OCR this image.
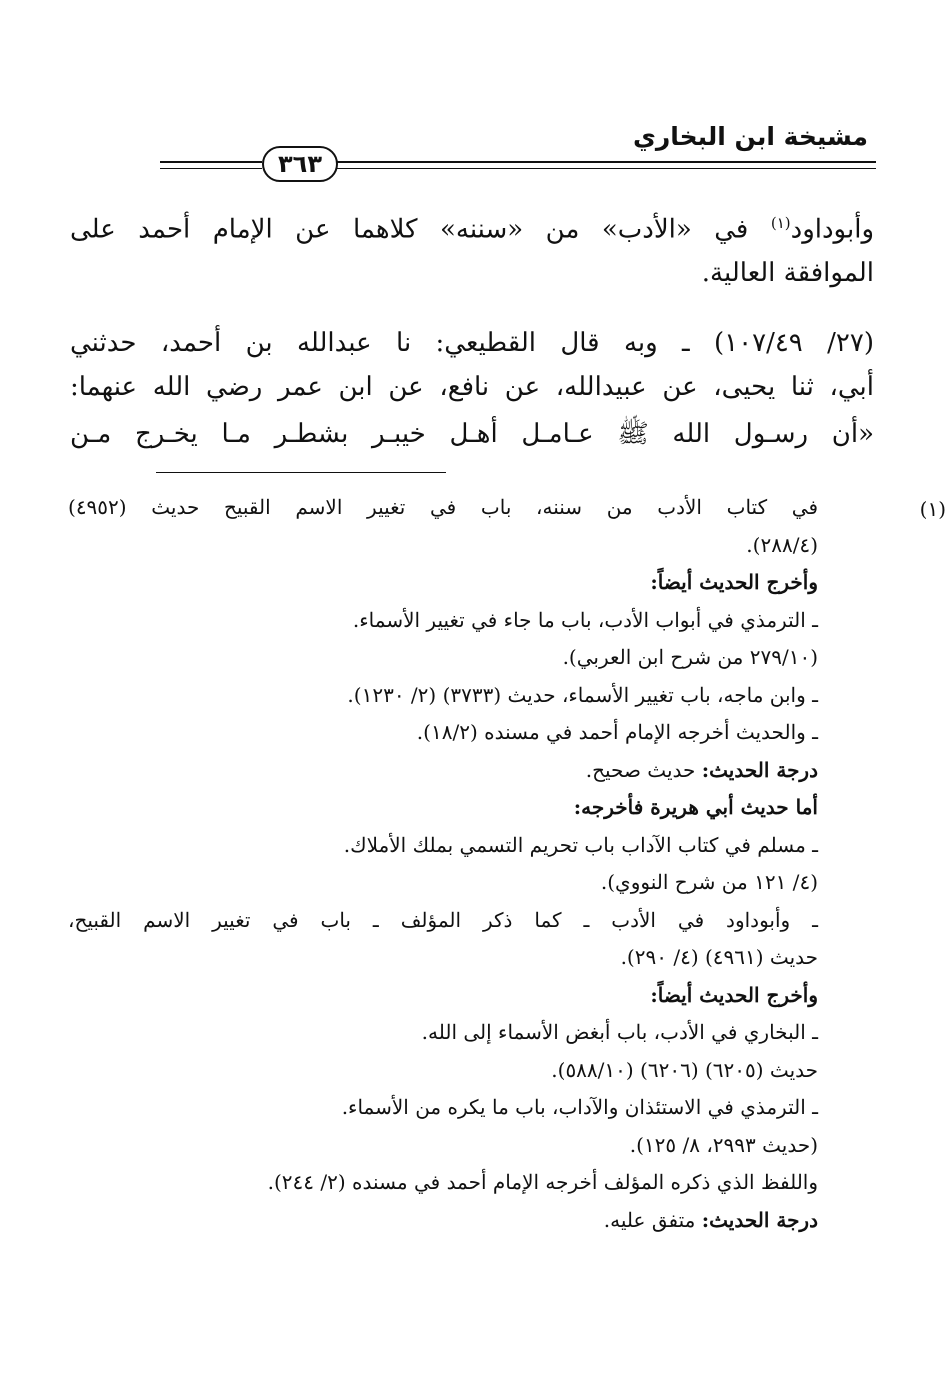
مشيخة ابن البخاري
٣٦٣
وأبوداود$^{(١)}$ في «الأدب» من «سننه» كلاهما عن الإمام أحمد على
الموافقة العالية.
(٢٧/ ١٠٧/٤٩) ـ وبه قال القطيعي: نا عبدالله بن أحمد، حدثني
أبي، ثنا يحيى، عن عبيدالله، عن نافع، عن ابن عمر رضي الله عنهما:
«أن رسـول الله ﷺ عـامـل أهـل خيبـر بشطـر مـا يخـرج مـن
(١)
في كتاب الأدب من سننه، باب في تغيير الاسم القبيح حديث (٤٩٥٢)
(٢٨٨/٤).
وأخرج الحديث أيضاً:
ـ الترمذي في أبواب الأدب، باب ما جاء في تغيير الأسماء.
(٢٧٩/١٠ من شرح ابن العربي).
ـ وابن ماجه، باب تغيير الأسماء، حديث (٣٧٣٣) (٢/ ١٢٣٠).
ـ والحديث أخرجه الإمام أحمد في مسنده (١٨/٢).
درجة الحديث: حديث صحيح.
أما حديث أبي هريرة فأخرجه:
ـ مسلم في كتاب الآداب باب تحريم التسمي بملك الأملاك.
(٤/ ١٢١ من شرح النووي).
ـ وأبوداود في الأدب ـ كما ذكر المؤلف ـ باب في تغيير الاسم القبيح،
حديث (٤٩٦١) (٤/ ٢٩٠).
وأخرج الحديث أيضاً:
ـ البخاري في الأدب، باب أبغض الأسماء إلى الله.
حديث (٦٢٠٥) (٦٢٠٦) (٥٨٨/١٠).
ـ الترمذي في الاستئذان والآداب، باب ما يكره من الأسماء.
(حديث ٢٩٩٣، ٨/ ١٢٥).
واللفظ الذي ذكره المؤلف أخرجه الإمام أحمد في مسنده (٢/ ٢٤٤).
درجة الحديث: متفق عليه.
